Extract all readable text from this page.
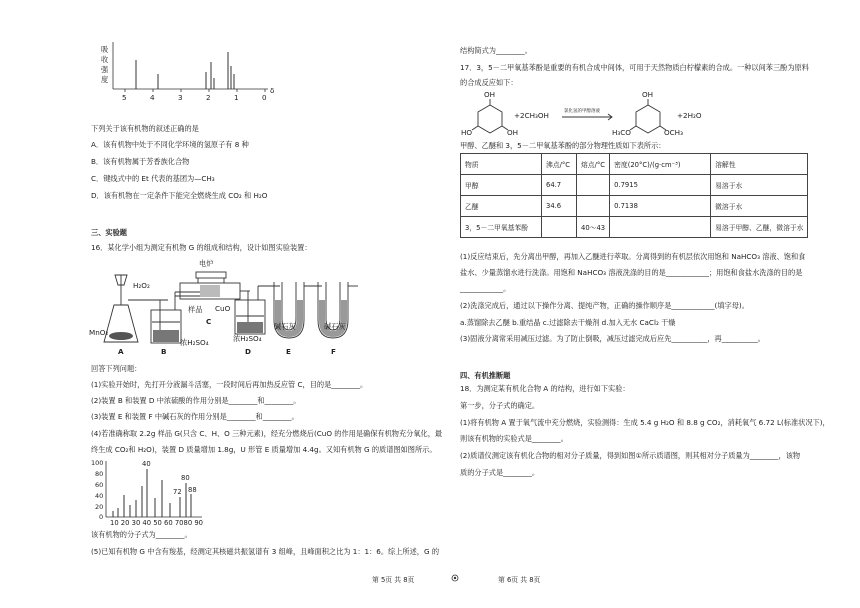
吸
收
强
度
5	4	3	2	1	0
δ
下列关于该有机物的叙述正确的是
A．该有机物中处于不同化学环境的氢原子有 8 种
B．该有机物属于芳香族化合物
C．键线式中的 Et 代表的基团为—CH₃
D．该有机物在一定条件下能完全燃烧生成 CO₂ 和 H₂O
三、实验题
16．某化学小组为测定有机物 G 的组成和结构，设计如图实验装置：
电炉
H₂O₂
MnO₂
样品 CuO
碱石灰	碱石灰
浓H₂SO₄	浓H₂SO₄
A	B
C
D	E	F
回答下列问题：
(1)实验开始时，先打开分液漏斗活塞，一段时间后再加热反应管 C，目的是________。
(2)装置 B 和装置 D 中浓硫酸的作用分别是________和________。
(3)装置 E 和装置 F 中碱石灰的作用分别是________和________。
(4)若准确称取 2.2g 样品 G(只含 C、H、O 三种元素)，经充分燃烧后(CuO 的作用是确保有机物充分氧化，最
终生成 CO₂和 H₂O)，装置 D 质量增加 1.8g，U 形管 E 质量增加 4.4g。又知有机物 G 的质谱图如图所示。
100
80
60
40
20
0
10 20 30 40 50 60 7080 90
40
80
72 88
该有机物的分子式为________。
(5)已知有机物 G 中含有羧基，经测定其核磁共振氢谱有 3 组峰，且峰面积之比为 1：1：6。综上所述，G 的
结构简式为________。
17．3，5－二甲氧基苯酚是重要的有机合成中间体，可用于天然物质白柠檬素的合成。一种以间苯三酚为原料
的合成反应如下：
OH
HO	OH
+2CH₃OH	氯化氢的甲醇溶液
OH
H₃CO	OCH₃
+2H₂O
甲醇、乙醚和 3，5－二甲氧基苯酚的部分物理性质如下表所示：
物质	沸点/°C	熔点/°C	密度(20°C)/(g·cm⁻³)	溶解性
甲醇	64.7		0.7915	易溶于水
乙醚	34.6		0.7138	微溶于水
3，5－二甲氧基苯酚		40～43		易溶于甲醇、乙醚，微溶于水
(1)反应结束后，先分离出甲醇，再加入乙醚进行萃取。分离得到的有机层依次用饱和 NaHCO₃ 溶液、饱和食
盐水、少量蒸馏水进行洗涤。用饱和 NaHCO₃ 溶液洗涤的目的是____________；用饱和食盐水洗涤的目的是
____________。
(2)洗涤完成后，通过以下操作分离、提纯产物，正确的操作顺序是____________(填字母)。
a.蒸馏除去乙醚 b.重结晶 c.过滤除去干燥剂 d.加入无水 CaCl₂ 干燥
(3)固液分离常采用减压过滤。为了防止倒吸，减压过滤完成后应先__________，再__________。
四、有机推断题
18．为测定某有机化合物 A 的结构，进行如下实验：
第一步，分子式的确定。
(1)将有机物 A 置于氧气流中充分燃烧，实验测得：生成 5.4 g H₂O 和 8.8 g CO₂，消耗氧气 6.72 L(标准状况下)，
则该有机物的实验式是________。
(2)质谱仪测定该有机化合物的相对分子质量，得到如图①所示质谱图，则其相对分子质量为________，该物
质的分子式是________。
第 5页 共 8页	第 6页 共 8页
